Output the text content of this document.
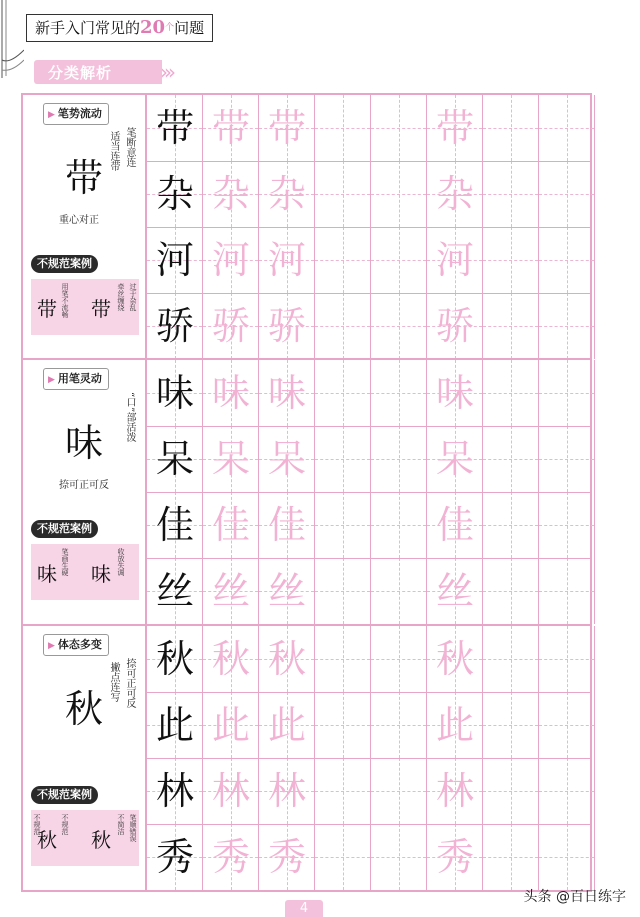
新手入门常见的$20^个$问题
分类解析 ›››
▶ 笔势流动
带
笔断意连
适当连带
重心对正
不规范案例
带 带
用笔不流畅	牵丝缠绕 过于杂乱
带 带 带	带
杂 杂 杂	杂
河 河 河	河
骄 骄 骄	骄
▶ 用笔灵动
味
“口”部活泼
捺可正可反
不规范案例
味 味
笔画生硬	收放失调
味 味 味	味
呆 呆 呆	呆
佳 佳 佳	佳
丝 丝 丝	丝
▶ 体态多变
秋
捺可正可反
撇点连写
不规范案例
秋 秋
不规范	不简洁 笔顺错误
不规范
秋 秋 秋	秋
此 此 此	此
林 林 林	林
秀 秀 秀	秀
4
头条 @百日练字
